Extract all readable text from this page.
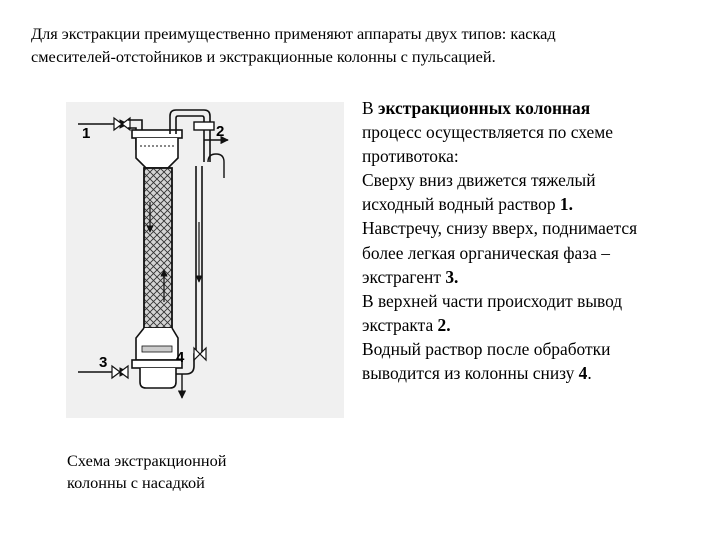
Для экстракции преимущественно применяют аппараты двух типов: каскад
смесителей-отстойников и экстракционные колонны с пульсацией.
1	2
3	4
Схема экстракционной
колонны с насадкой
В экстракционных колонная
процесс осуществляется по схеме
противотока:
Сверху вниз движется тяжелый
исходный водный раствор 1.
Навстречу, снизу вверх, поднимается
более легкая органическая фаза –
экстрагент 3.
В верхней части происходит вывод
экстракта 2.
Водный раствор после обработки
выводится из колонны снизу 4.
